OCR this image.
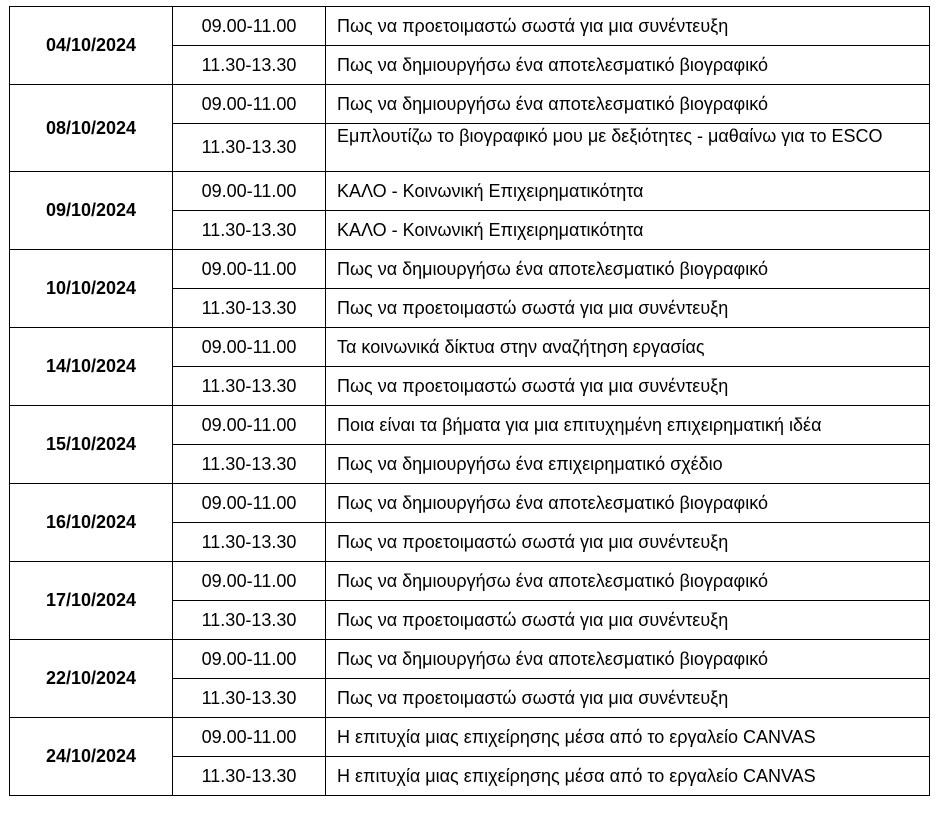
04/10/2024	09.00-11.00	Πως να προετοιμαστώ σωστά για μια συνέντευξη
	11.30-13.30	Πως να δημιουργήσω ένα αποτελεσματικό βιογραφικό
08/10/2024	09.00-11.00	Πως να δημιουργήσω ένα αποτελεσματικό βιογραφικό
	11.30-13.30	Εμπλουτίζω το βιογραφικό μου με δεξιότητες - μαθαίνω για το ESCO
09/10/2024	09.00-11.00	ΚΑΛΟ - Κοινωνική Επιχειρηματικότητα
	11.30-13.30	ΚΑΛΟ - Κοινωνική Επιχειρηματικότητα
10/10/2024	09.00-11.00	Πως να δημιουργήσω ένα αποτελεσματικό βιογραφικό
	11.30-13.30	Πως να προετοιμαστώ σωστά για μια συνέντευξη
14/10/2024	09.00-11.00	Τα κοινωνικά δίκτυα στην αναζήτηση εργασίας
	11.30-13.30	Πως να προετοιμαστώ σωστά για μια συνέντευξη
15/10/2024	09.00-11.00	Ποια είναι τα βήματα για μια επιτυχημένη επιχειρηματική ιδέα
	11.30-13.30	Πως να δημιουργήσω ένα επιχειρηματικό σχέδιο
16/10/2024	09.00-11.00	Πως να δημιουργήσω ένα αποτελεσματικό βιογραφικό
	11.30-13.30	Πως να προετοιμαστώ σωστά για μια συνέντευξη
17/10/2024	09.00-11.00	Πως να δημιουργήσω ένα αποτελεσματικό βιογραφικό
	11.30-13.30	Πως να προετοιμαστώ σωστά για μια συνέντευξη
22/10/2024	09.00-11.00	Πως να δημιουργήσω ένα αποτελεσματικό βιογραφικό
	11.30-13.30	Πως να προετοιμαστώ σωστά για μια συνέντευξη
24/10/2024	09.00-11.00	Η επιτυχία μιας επιχείρησης μέσα από το εργαλείο CANVAS
	11.30-13.30	Η επιτυχία μιας επιχείρησης μέσα από το εργαλείο CANVAS
